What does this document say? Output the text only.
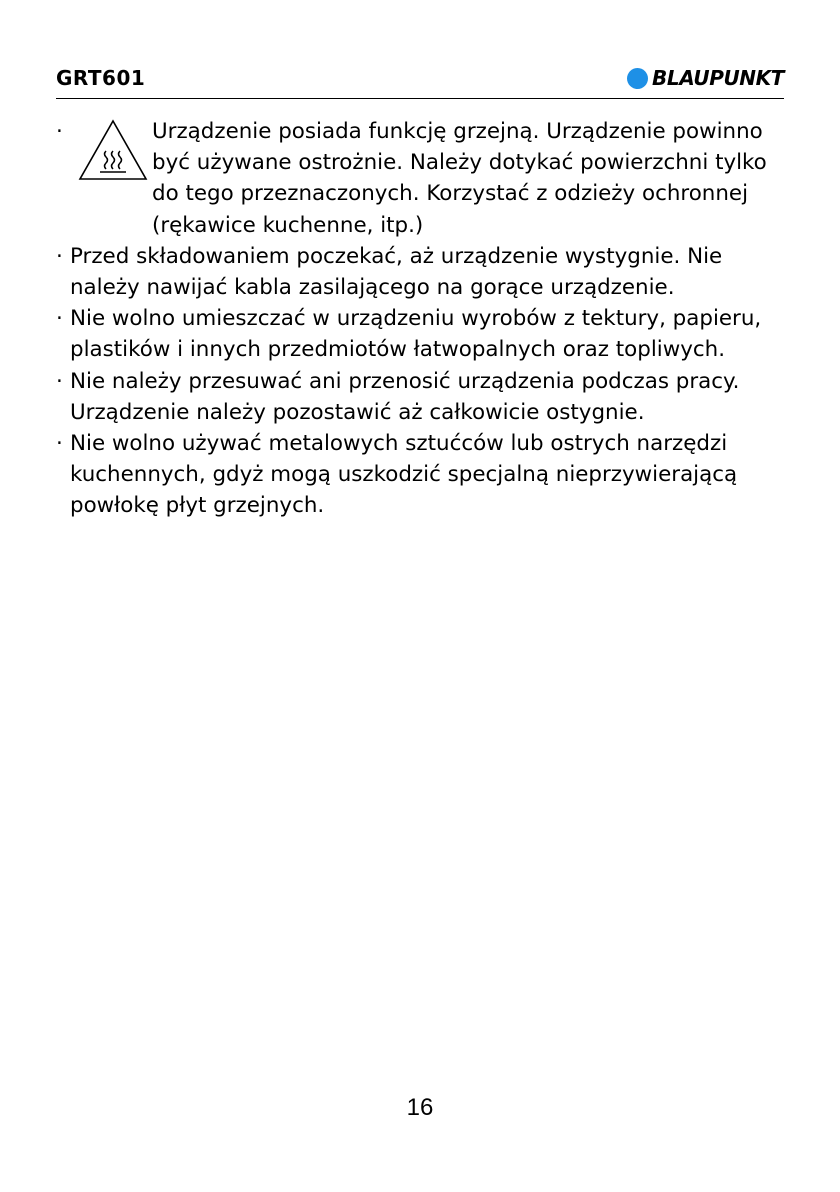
GRT601	BLAUPUNKT
·	Urządzenie posiada funkcję grzejną. Urządzenie powinno być używane ostrożnie. Należy dotykać powierzchni tylko do tego przeznaczonych. Korzystać z odzieży ochronnej (rękawice kuchenne, itp.)
· Przed składowaniem poczekać, aż urządzenie wystygnie. Nie należy nawijać kabla zasilającego na gorące urządzenie.
· Nie wolno umieszczać w urządzeniu wyrobów z tektury, papieru, plastików i innych przedmiotów łatwopalnych oraz topliwych.
· Nie należy przesuwać ani przenosić urządzenia podczas pracy. Urządzenie należy pozostawić aż całkowicie ostygnie.
· Nie wolno używać metalowych sztućców lub ostrych narzędzi kuchennych, gdyż mogą uszkodzić specjalną nieprzywierającą powłokę płyt grzejnych.
16
